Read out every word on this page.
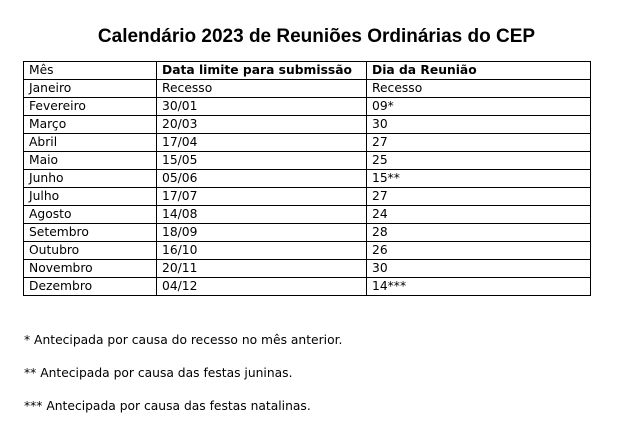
Calendário 2023 de Reuniões Ordinárias do CEP
Mês	Data limite para submissão	Dia da Reunião
Janeiro	Recesso	Recesso
Fevereiro	30/01	09*
Março	20/03	30
Abril	17/04	27
Maio	15/05	25
Junho	05/06	15**
Julho	17/07	27
Agosto	14/08	24
Setembro	18/09	28
Outubro	16/10	26
Novembro	20/11	30
Dezembro	04/12	14***

* Antecipada por causa do recesso no mês anterior.

** Antecipada por causa das festas juninas.

*** Antecipada por causa das festas natalinas.
